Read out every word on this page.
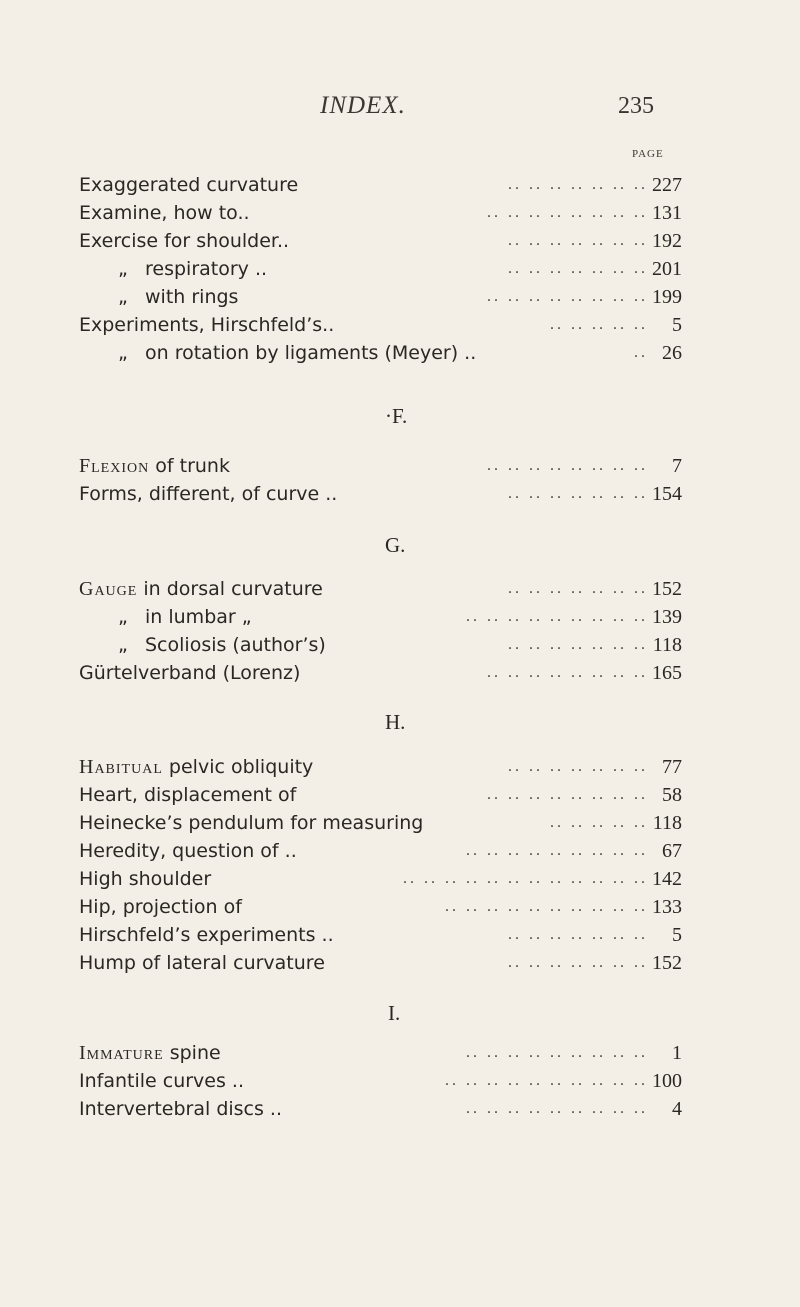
INDEX.	235
PAGE
Exaggerated curvature	.. .. .. .. .. .. .. 227
Examine, how to..	.. .. .. .. .. .. .. .. 131
Exercise for shoulder..	.. .. .. .. .. .. .. 192
„ respiratory ..	.. .. .. .. .. .. .. 201
„ with rings	.. .. .. .. .. .. .. .. 199
Experiments, Hirschfeld’s..	.. .. .. .. ..	5
„ on rotation by ligaments (Meyer) ..	.. 26
·F.
Flexion of trunk	.. .. .. .. .. .. .. ..	7
Forms, different, of curve ..	.. .. .. .. .. .. .. 154
G.
Gauge in dorsal curvature	.. .. .. .. .. .. .. 152
„ in lumbar „	.. .. .. .. .. .. .. .. .. 139
„ Scoliosis (author’s)	.. .. .. .. .. .. .. 118
Gürtelverband (Lorenz)	.. .. .. .. .. .. .. .. 165
H.
Habitual pelvic obliquity	.. .. .. .. .. .. .. 77
Heart, displacement of	.. .. .. .. .. .. .. .. 58
Heinecke’s pendulum for measuring	.. .. .. .. .. 118
Heredity, question of ..	.. .. .. .. .. .. .. .. .. 67
High shoulder	.. .. .. .. .. .. .. .. .. .. .. .. 142
Hip, projection of	.. .. .. .. .. .. .. .. .. .. 133
Hirschfeld’s experiments ..	.. .. .. .. .. .. ..	5
Hump of lateral curvature	.. .. .. .. .. .. .. 152
I.
Immature spine	.. .. .. .. .. .. .. .. ..	1
Infantile curves ..	.. .. .. .. .. .. .. .. .. .. 100
Intervertebral discs ..	.. .. .. .. .. .. .. .. ..	4
